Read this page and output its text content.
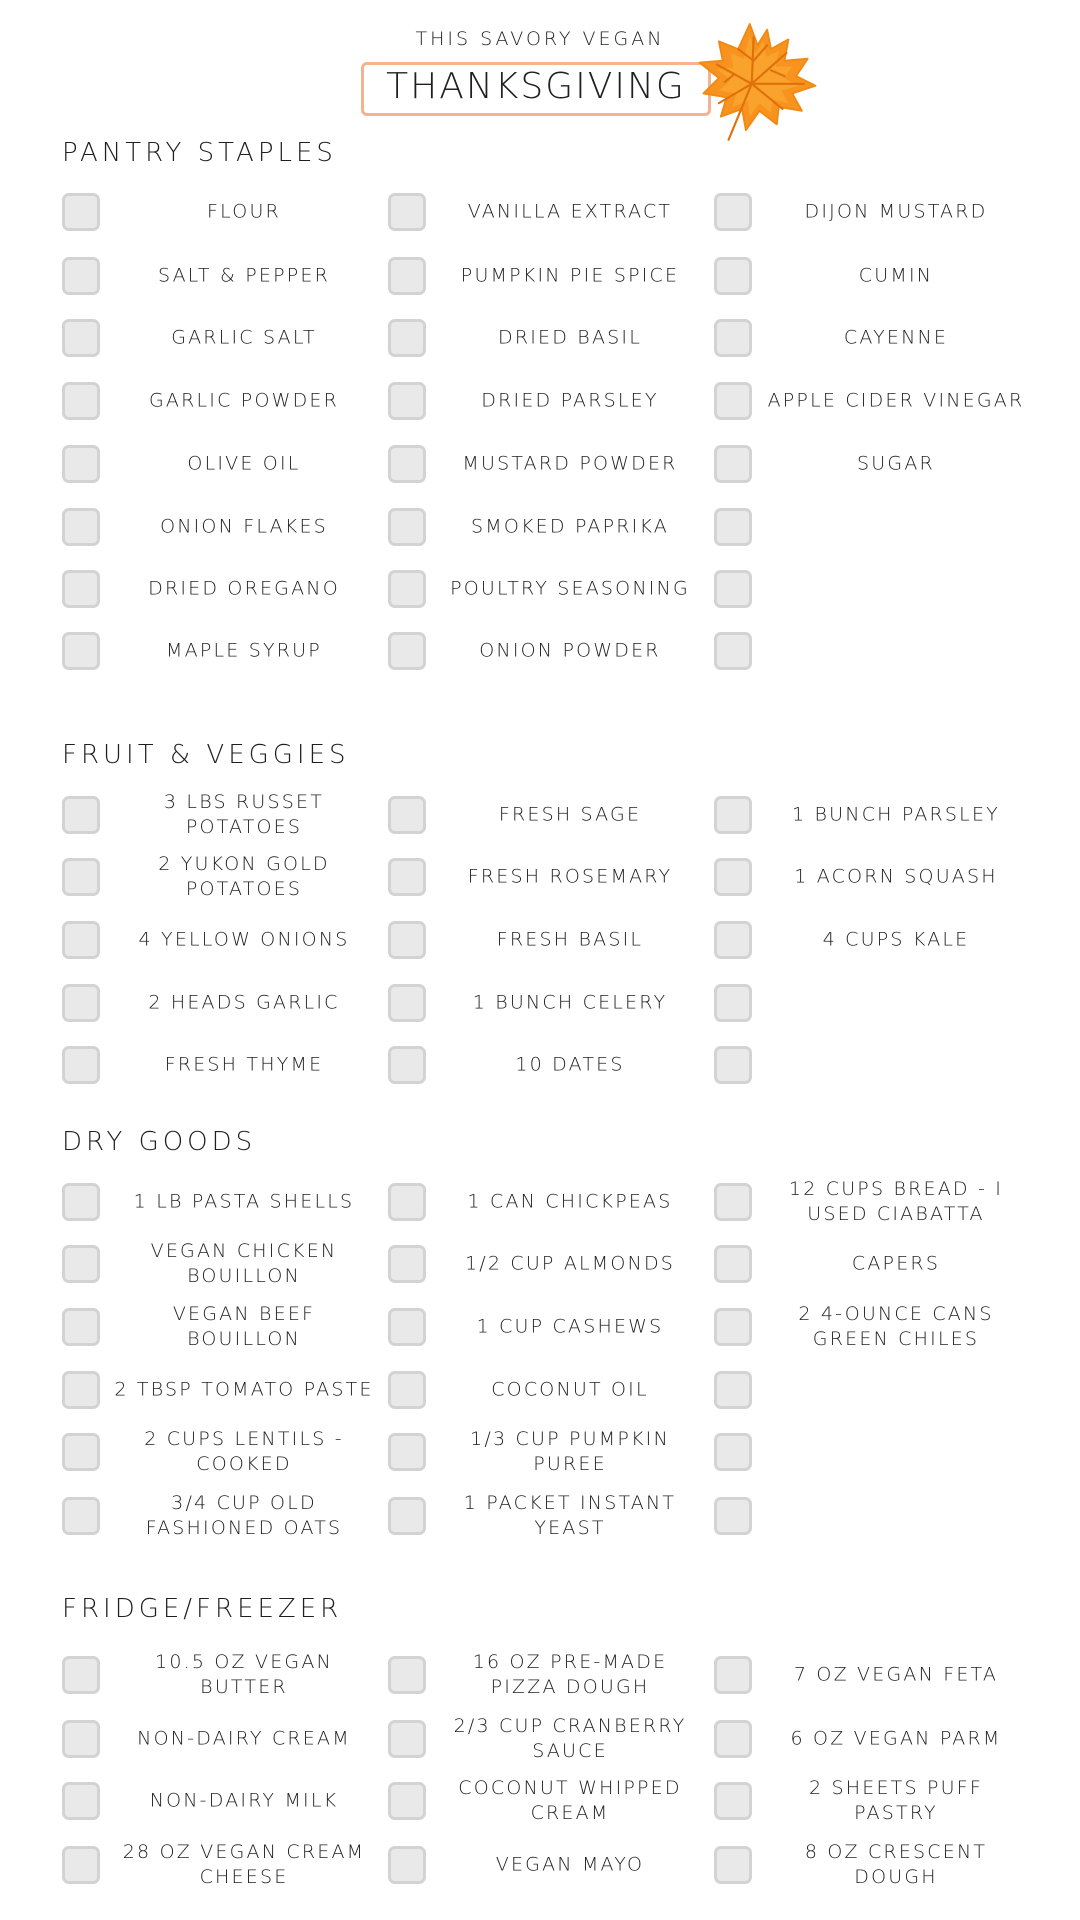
THIS SAVORY VEGAN
THANKSGIVING
PANTRY STAPLES
FLOUR
SALT & PEPPER
GARLIC SALT
GARLIC POWDER
OLIVE OIL
ONION FLAKES
DRIED OREGANO
MAPLE SYRUP
VANILLA EXTRACT
PUMPKIN PIE SPICE
DRIED BASIL
DRIED PARSLEY
MUSTARD POWDER
SMOKED PAPRIKA
POULTRY SEASONING
ONION POWDER
DIJON MUSTARD
CUMIN
CAYENNE
APPLE CIDER VINEGAR
SUGAR
FRUIT & VEGGIES
3 LBS RUSSET POTATOES
2 YUKON GOLD POTATOES
4 YELLOW ONIONS
2 HEADS GARLIC
FRESH THYME
FRESH SAGE
FRESH ROSEMARY
FRESH BASIL
1 BUNCH CELERY
10 DATES
1 BUNCH PARSLEY
1 ACORN SQUASH
4 CUPS KALE
DRY GOODS
1 LB PASTA SHELLS
VEGAN CHICKEN BOUILLON
VEGAN BEEF BOUILLON
2 TBSP TOMATO PASTE
2 CUPS LENTILS - COOKED
3/4 CUP OLD FASHIONED OATS
1 CAN CHICKPEAS
1/2 CUP ALMONDS
1 CUP CASHEWS
COCONUT OIL
1/3 CUP PUMPKIN PUREE
1 PACKET INSTANT YEAST
12 CUPS BREAD - I USED CIABATTA
CAPERS
2 4-OUNCE CANS GREEN CHILES
FRIDGE/FREEZER
10.5 OZ VEGAN BUTTER
NON-DAIRY CREAM
NON-DAIRY MILK
28 OZ VEGAN CREAM CHEESE
16 OZ PRE-MADE PIZZA DOUGH
2/3 CUP CRANBERRY SAUCE
COCONUT WHIPPED CREAM
VEGAN MAYO
7 OZ VEGAN FETA
6 OZ VEGAN PARM
2 SHEETS PUFF PASTRY
8 OZ CRESCENT DOUGH
